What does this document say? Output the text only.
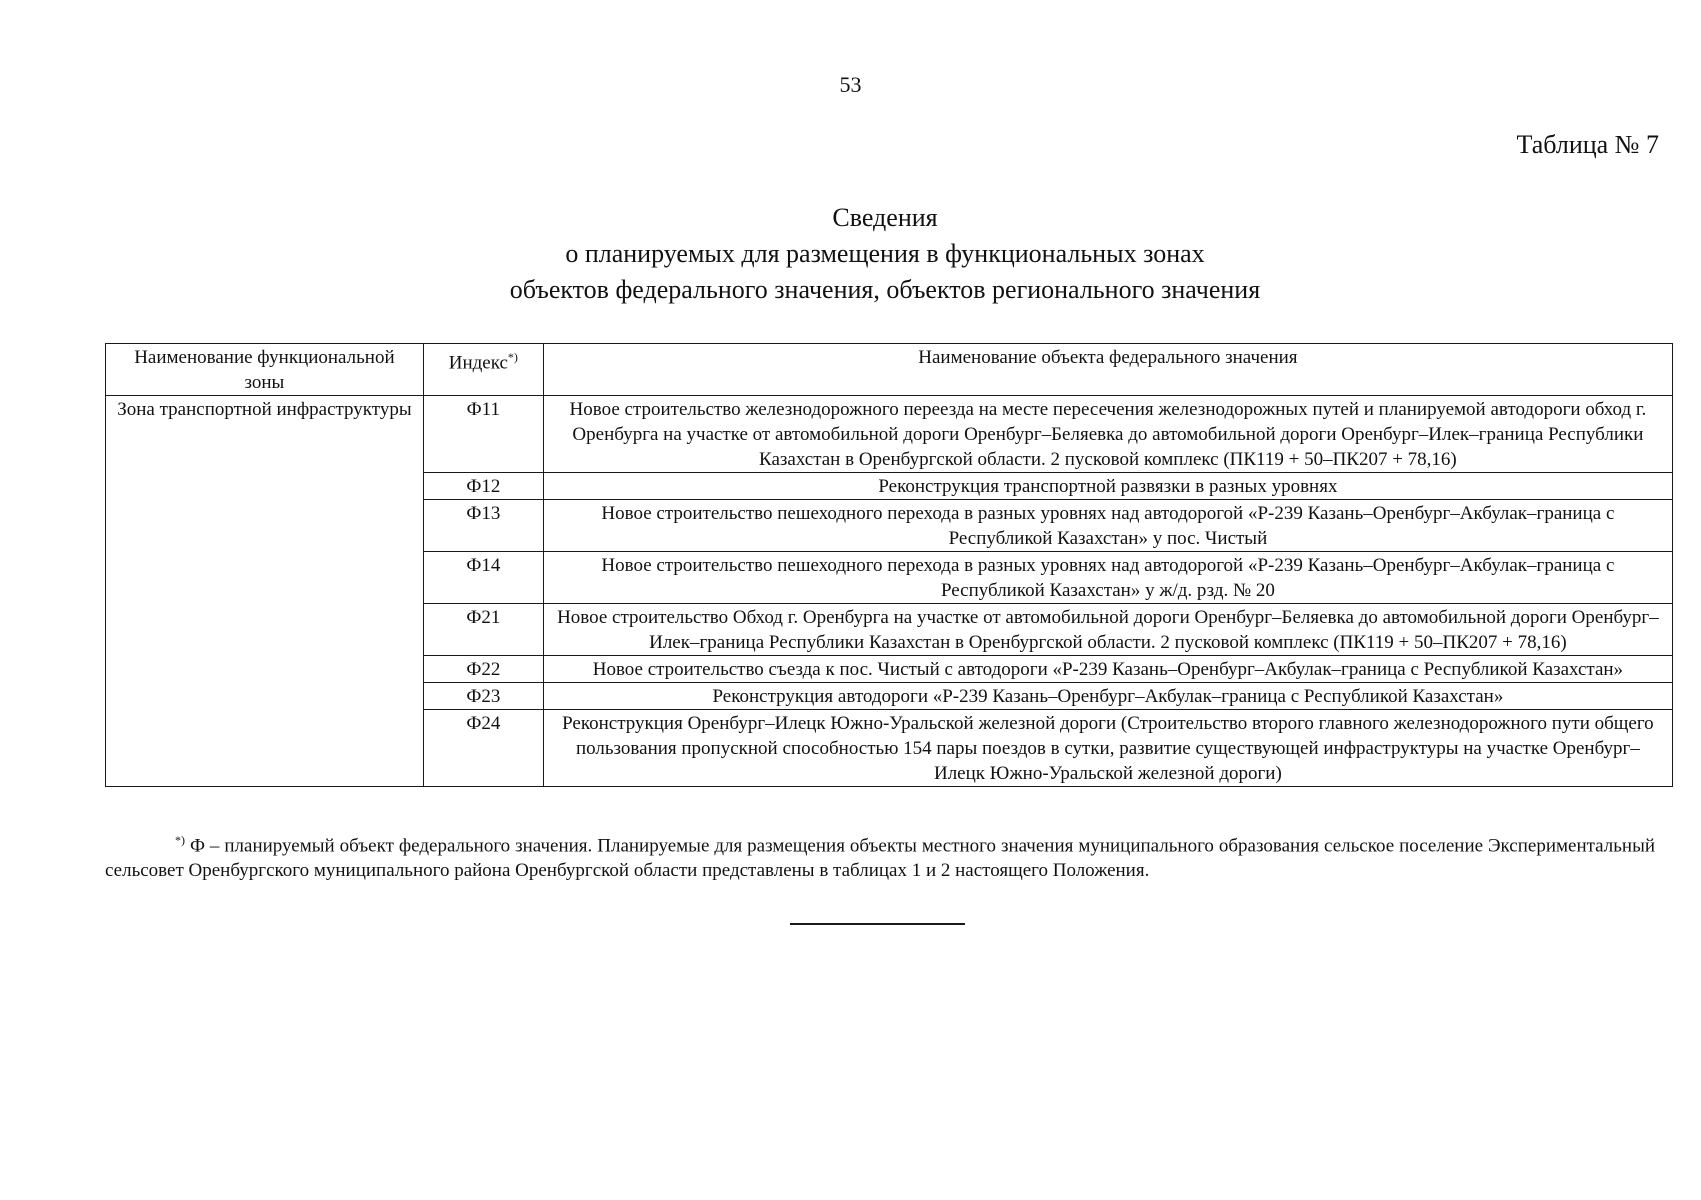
53
Таблица № 7
Сведения
о планируемых для размещения в функциональных зонах
объектов федерального значения, объектов регионального значения
Наименование функциональной зоны	Индекс*)	Наименование объекта федерального значения
Зона транспортной инфраструктуры	Ф11	Новое строительство железнодорожного переезда на месте пересечения железнодорожных путей и планируемой автодороги обход г. Оренбурга на участке от автомобильной дороги Оренбург–Беляевка до автомобильной дороги Оренбург–Илек–граница Республики Казахстан в Оренбургской области. 2 пусковой комплекс (ПК119 + 50–ПК207 + 78,16)
	Ф12	Реконструкция транспортной развязки в разных уровнях
	Ф13	Новое строительство пешеходного перехода в разных уровнях над автодорогой «Р-239 Казань–Оренбург–Акбулак–граница с Республикой Казахстан» у пос. Чистый
	Ф14	Новое строительство пешеходного перехода в разных уровнях над автодорогой «Р-239 Казань–Оренбург–Акбулак–граница с Республикой Казахстан» у ж/д. рзд. № 20
	Ф21	Новое строительство Обход г. Оренбурга на участке от автомобильной дороги Оренбург–Беляевка до автомобильной дороги Оренбург–Илек–граница Республики Казахстан в Оренбургской области. 2 пусковой комплекс (ПК119 + 50–ПК207 + 78,16)
	Ф22	Новое строительство съезда к пос. Чистый с автодороги «Р-239 Казань–Оренбург–Акбулак–граница с Республикой Казахстан»
	Ф23	Реконструкция автодороги «Р-239 Казань–Оренбург–Акбулак–граница с Республикой Казахстан»
	Ф24	Реконструкция Оренбург–Илецк Южно-Уральской железной дороги (Строительство второго главного железнодорожного пути общего пользования пропускной способностью 154 пары поездов в сутки, развитие существующей инфраструктуры на участке Оренбург–Илецк Южно-Уральской железной дороги)
*) Ф – планируемый объект федерального значения. Планируемые для размещения объекты местного значения муниципального образования сельское поселение Экспериментальный сельсовет Оренбургского муниципального района Оренбургской области представлены в таблицах 1 и 2 настоящего Положения.
